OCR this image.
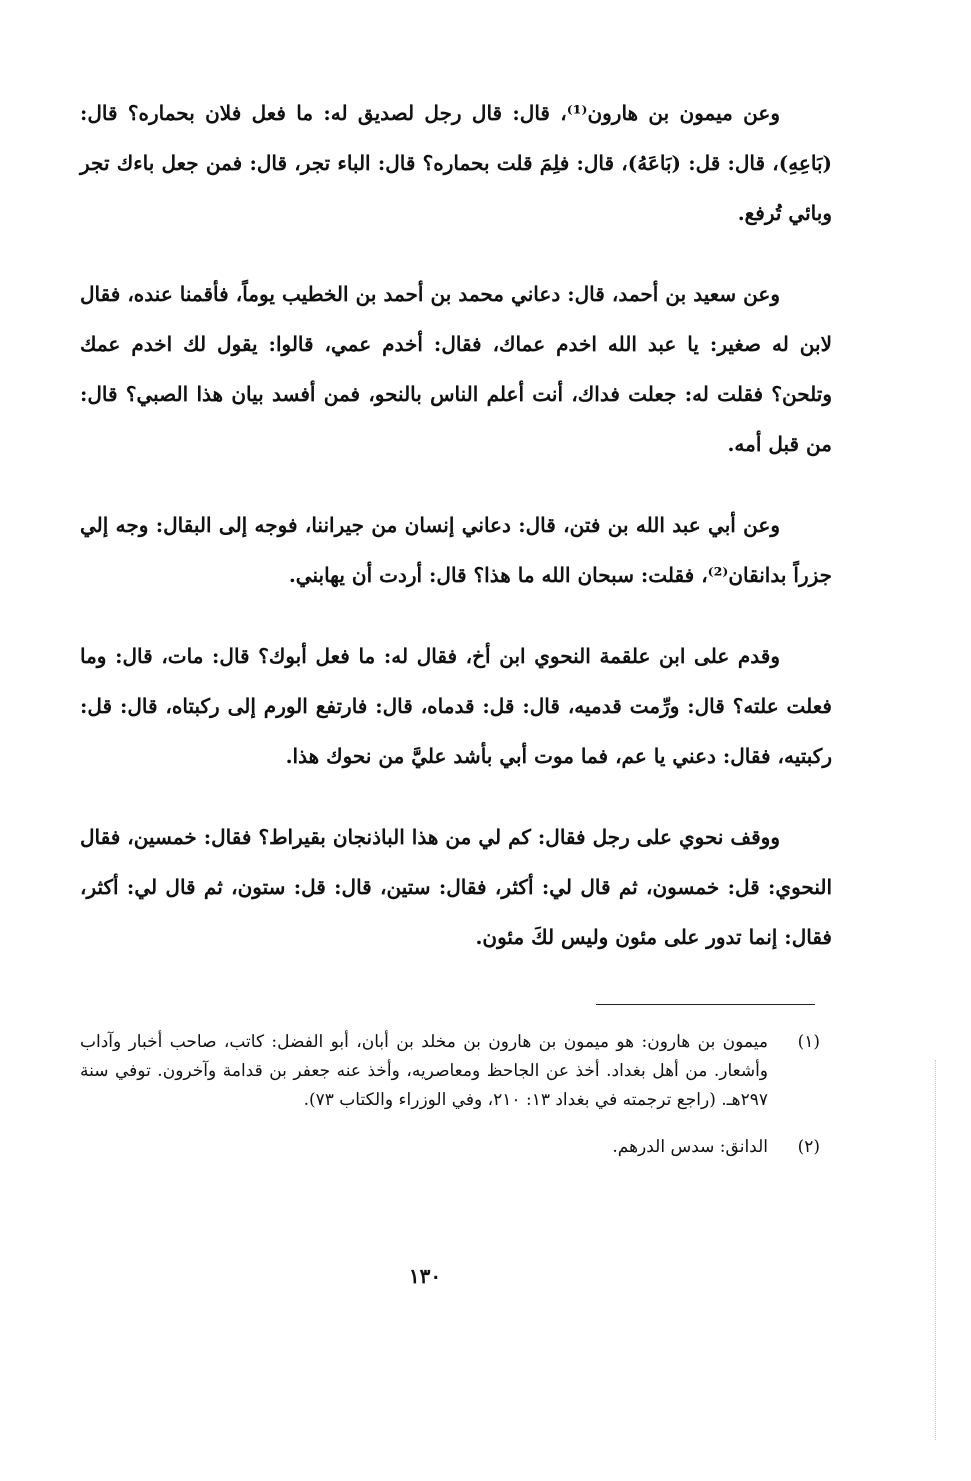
وعن ميمون بن هارون⁽¹⁾، قال: قال رجل لصديق له: ما فعل فلان بحماره؟ قال: (بَاعِهِ)، قال: قل: (بَاعَهُ)، قال: فلِمَ قلت بحماره؟ قال: الباء تجر، قال: فمن جعل باءك تجر وبائي تُرفع.

وعن سعيد بن أحمد، قال: دعاني محمد بن أحمد بن الخطيب يوماً، فأقمنا عنده، فقال لابن له صغير: يا عبد الله اخدم عماك، فقال: أخدم عمي، قالوا: يقول لك اخدم عمك وتلحن؟ فقلت له: جعلت فداك، أنت أعلم الناس بالنحو، فمن أفسد بيان هذا الصبي؟ قال: من قبل أمه.

وعن أبي عبد الله بن فتن، قال: دعاني إنسان من جيراننا، فوجه إلى البقال: وجه إلي جزراً بدانقان⁽²⁾، فقلت: سبحان الله ما هذا؟ قال: أردت أن يهابني.

وقدم على ابن علقمة النحوي ابن أخ، فقال له: ما فعل أبوك؟ قال: مات، قال: وما فعلت علته؟ قال: ورِّمت قدميه، قال: قل: قدماه، قال: فارتفع الورم إلى ركبتاه، قال: قل: ركبتيه، فقال: دعني يا عم، فما موت أبي بأشد عليَّ من نحوك هذا.

ووقف نحوي على رجل فقال: كم لي من هذا الباذنجان بقيراط؟ فقال: خمسين، فقال النحوي: قل: خمسون، ثم قال لي: أكثر، فقال: ستين، قال: قل: ستون، ثم قال لي: أكثر، فقال: إنما تدور على مئون وليس لكَ مئون.

(١)
ميمون بن هارون: هو ميمون بن هارون بن مخلد بن أبان، أبو الفضل: كاتب، صاحب أخبار وآداب وأشعار. من أهل بغداد. أخذ عن الجاحظ ومعاصريه، وأخذ عنه جعفر بن قدامة وآخرون. توفي سنة ٢٩٧هـ. (راجع ترجمته في بغداد ١٣: ٢١٠، وفي الوزراء والكتاب ٧٣).
(٢)
الدانق: سدس الدرهم.
١٣٠
